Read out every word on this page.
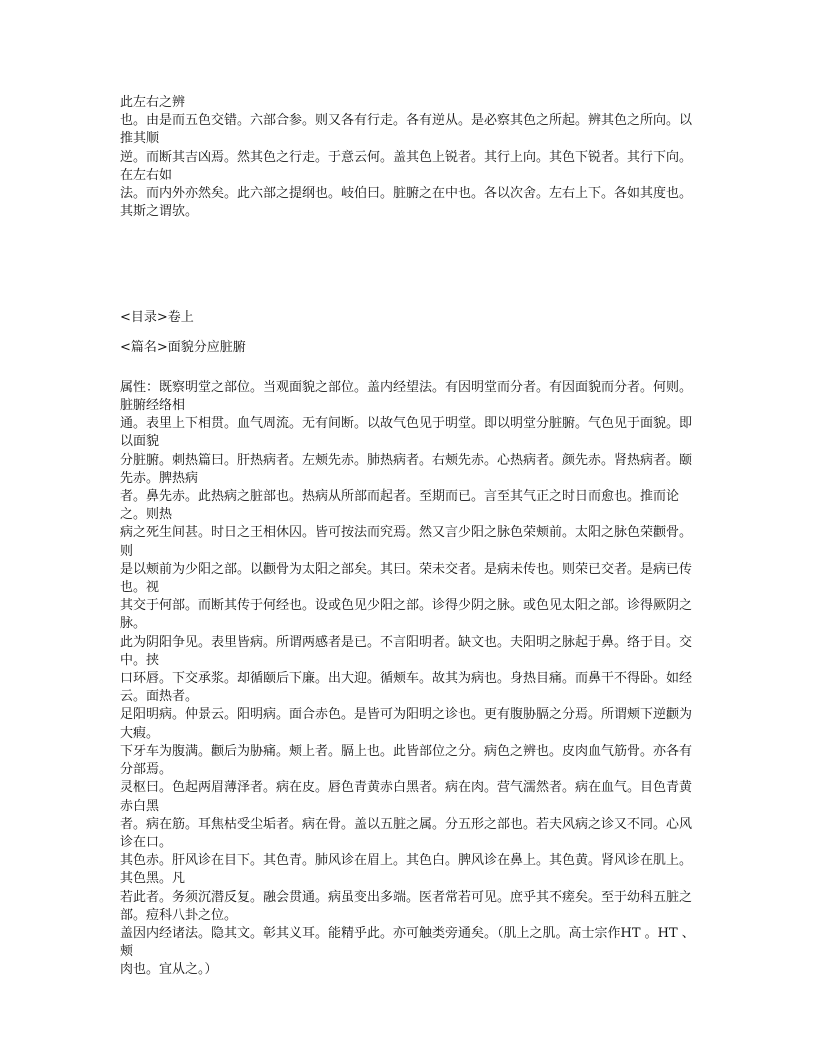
此左右之辨

也。由是而五色交错。六部合参。则又各有行走。各有逆从。是必察其色之所起。辨其色之所向。以推其顺

逆。而断其吉凶焉。然其色之行走。于意云何。盖其色上锐者。其行上向。其色下锐者。其行下向。在左右如

法。而内外亦然矣。此六部之提纲也。岐伯曰。脏腑之在中也。各以次舍。左右上下。各如其度也。其斯之谓欤。

<目录>卷上

<篇名>面貌分应脏腑

属性：既察明堂之部位。当观面貌之部位。盖内经望法。有因明堂而分者。有因面貌而分者。何则。脏腑经络相

通。表里上下相贯。血气周流。无有间断。以故气色见于明堂。即以明堂分脏腑。气色见于面貌。即以面貌

分脏腑。刺热篇曰。肝热病者。左颊先赤。肺热病者。右颊先赤。心热病者。颜先赤。肾热病者。颐先赤。脾热病

者。鼻先赤。此热病之脏部也。热病从所部而起者。至期而已。言至其气正之时日而愈也。推而论之。则热

病之死生间甚。时日之王相休囚。皆可按法而究焉。然又言少阳之脉色荣颊前。太阳之脉色荣颧骨。则

是以颊前为少阳之部。以颧骨为太阳之部矣。其曰。荣未交者。是病未传也。则荣已交者。是病已传也。视

其交于何部。而断其传于何经也。设或色见少阳之部。诊得少阴之脉。或色见太阳之部。诊得厥阴之脉。

此为阴阳争见。表里皆病。所谓两感者是已。不言阳明者。缺文也。夫阳明之脉起于鼻。络于目。交 中。挟

口环唇。下交承浆。却循颐后下廉。出大迎。循颊车。故其为病也。身热目痛。而鼻干不得卧。如经云。面热者。

足阳明病。仲景云。阳明病。面合赤色。是皆可为阳明之诊也。更有腹胁膈之分焉。所谓颊下逆颧为大瘕。

下牙车为腹满。颧后为胁痛。颊上者。膈上也。此皆部位之分。病色之辨也。皮肉血气筋骨。亦各有分部焉。

灵枢曰。色起两眉薄泽者。病在皮。唇色青黄赤白黑者。病在肉。营气濡然者。病在血气。目色青黄赤白黑

者。病在筋。耳焦枯受尘垢者。病在骨。盖以五脏之属。分五形之部也。若夫风病之诊又不同。心风诊在口。

其色赤。肝风诊在目下。其色青。肺风诊在眉上。其色白。脾风诊在鼻上。其色黄。肾风诊在肌上。其色黑。凡

若此者。务须沉潜反复。融会贯通。病虽变出多端。医者常若可见。庶乎其不瘥矣。至于幼科五脏之部。痘科八卦之位。

盖因内经诸法。隐其文。彰其义耳。能精乎此。亦可触类旁通矣。（肌上之肌。高士宗作HT 。HT 、颊

肉也。宜从之。）
